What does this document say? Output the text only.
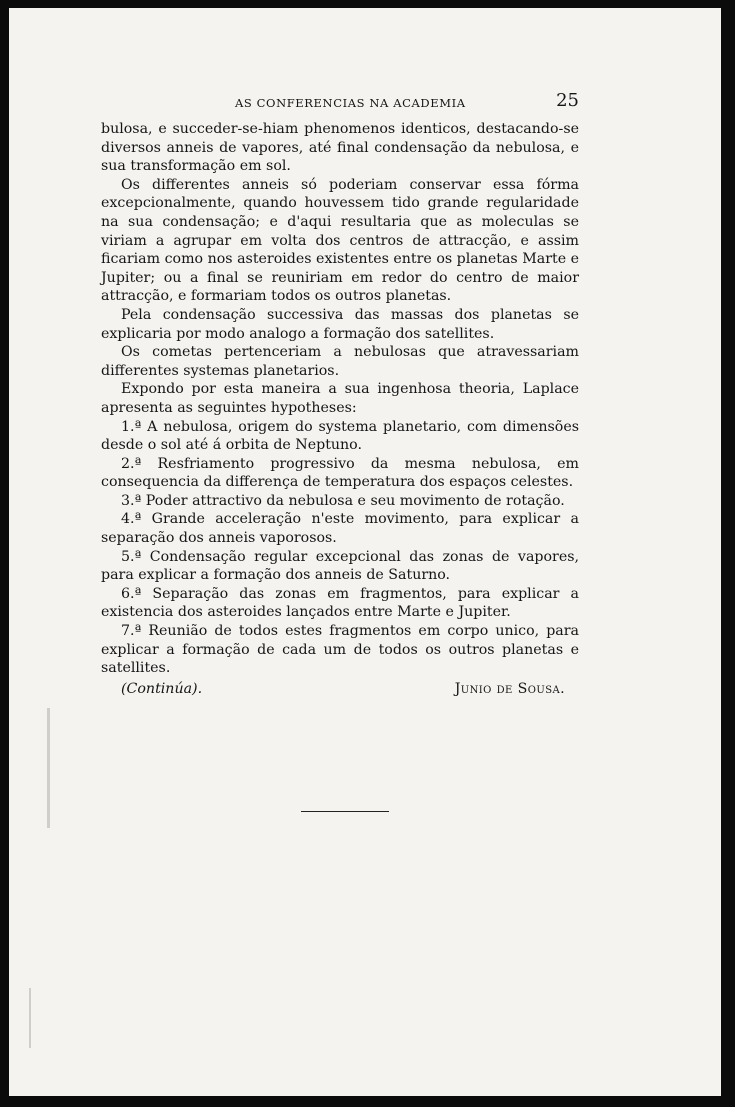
AS CONFERENCIAS NA ACADEMIA	25

bulosa, e succeder-se-hiam phenomenos identicos, destacando-se diversos anneis de vapores, até final condensação da nebulosa, e sua transformação em sol.

Os differentes anneis só poderiam conservar essa fórma excepcionalmente, quando houvessem tido grande regularidade na sua condensação; e d'aqui resultaria que as moleculas se viriam a agrupar em volta dos centros de attracção, e assim ficariam como nos asteroides existentes entre os planetas Marte e Jupiter; ou a final se reuniriam em redor do centro de maior attracção, e formariam todos os outros planetas.

Pela condensação successiva das massas dos planetas se explicaria por modo analogo a formação dos satellites.

Os cometas pertenceriam a nebulosas que atravessariam differentes systemas planetarios.

Expondo por esta maneira a sua ingenhosa theoria, Laplace apresenta as seguintes hypotheses:

1.ª A nebulosa, origem do systema planetario, com dimensões desde o sol até á orbita de Neptuno.

2.ª Resfriamento progressivo da mesma nebulosa, em consequencia da differença de temperatura dos espaços celestes.

3.ª Poder attractivo da nebulosa e seu movimento de rotação.

4.ª Grande acceleração n'este movimento, para explicar a separação dos anneis vaporosos.

5.ª Condensação regular excepcional das zonas de vapores, para explicar a formação dos anneis de Saturno.

6.ª Separação das zonas em fragmentos, para explicar a existencia dos asteroides lançados entre Marte e Jupiter.

7.ª Reunião de todos estes fragmentos em corpo unico, para explicar a formação de cada um de todos os outros planetas e satellites.

(Continúa).	Junio de Sousa.
